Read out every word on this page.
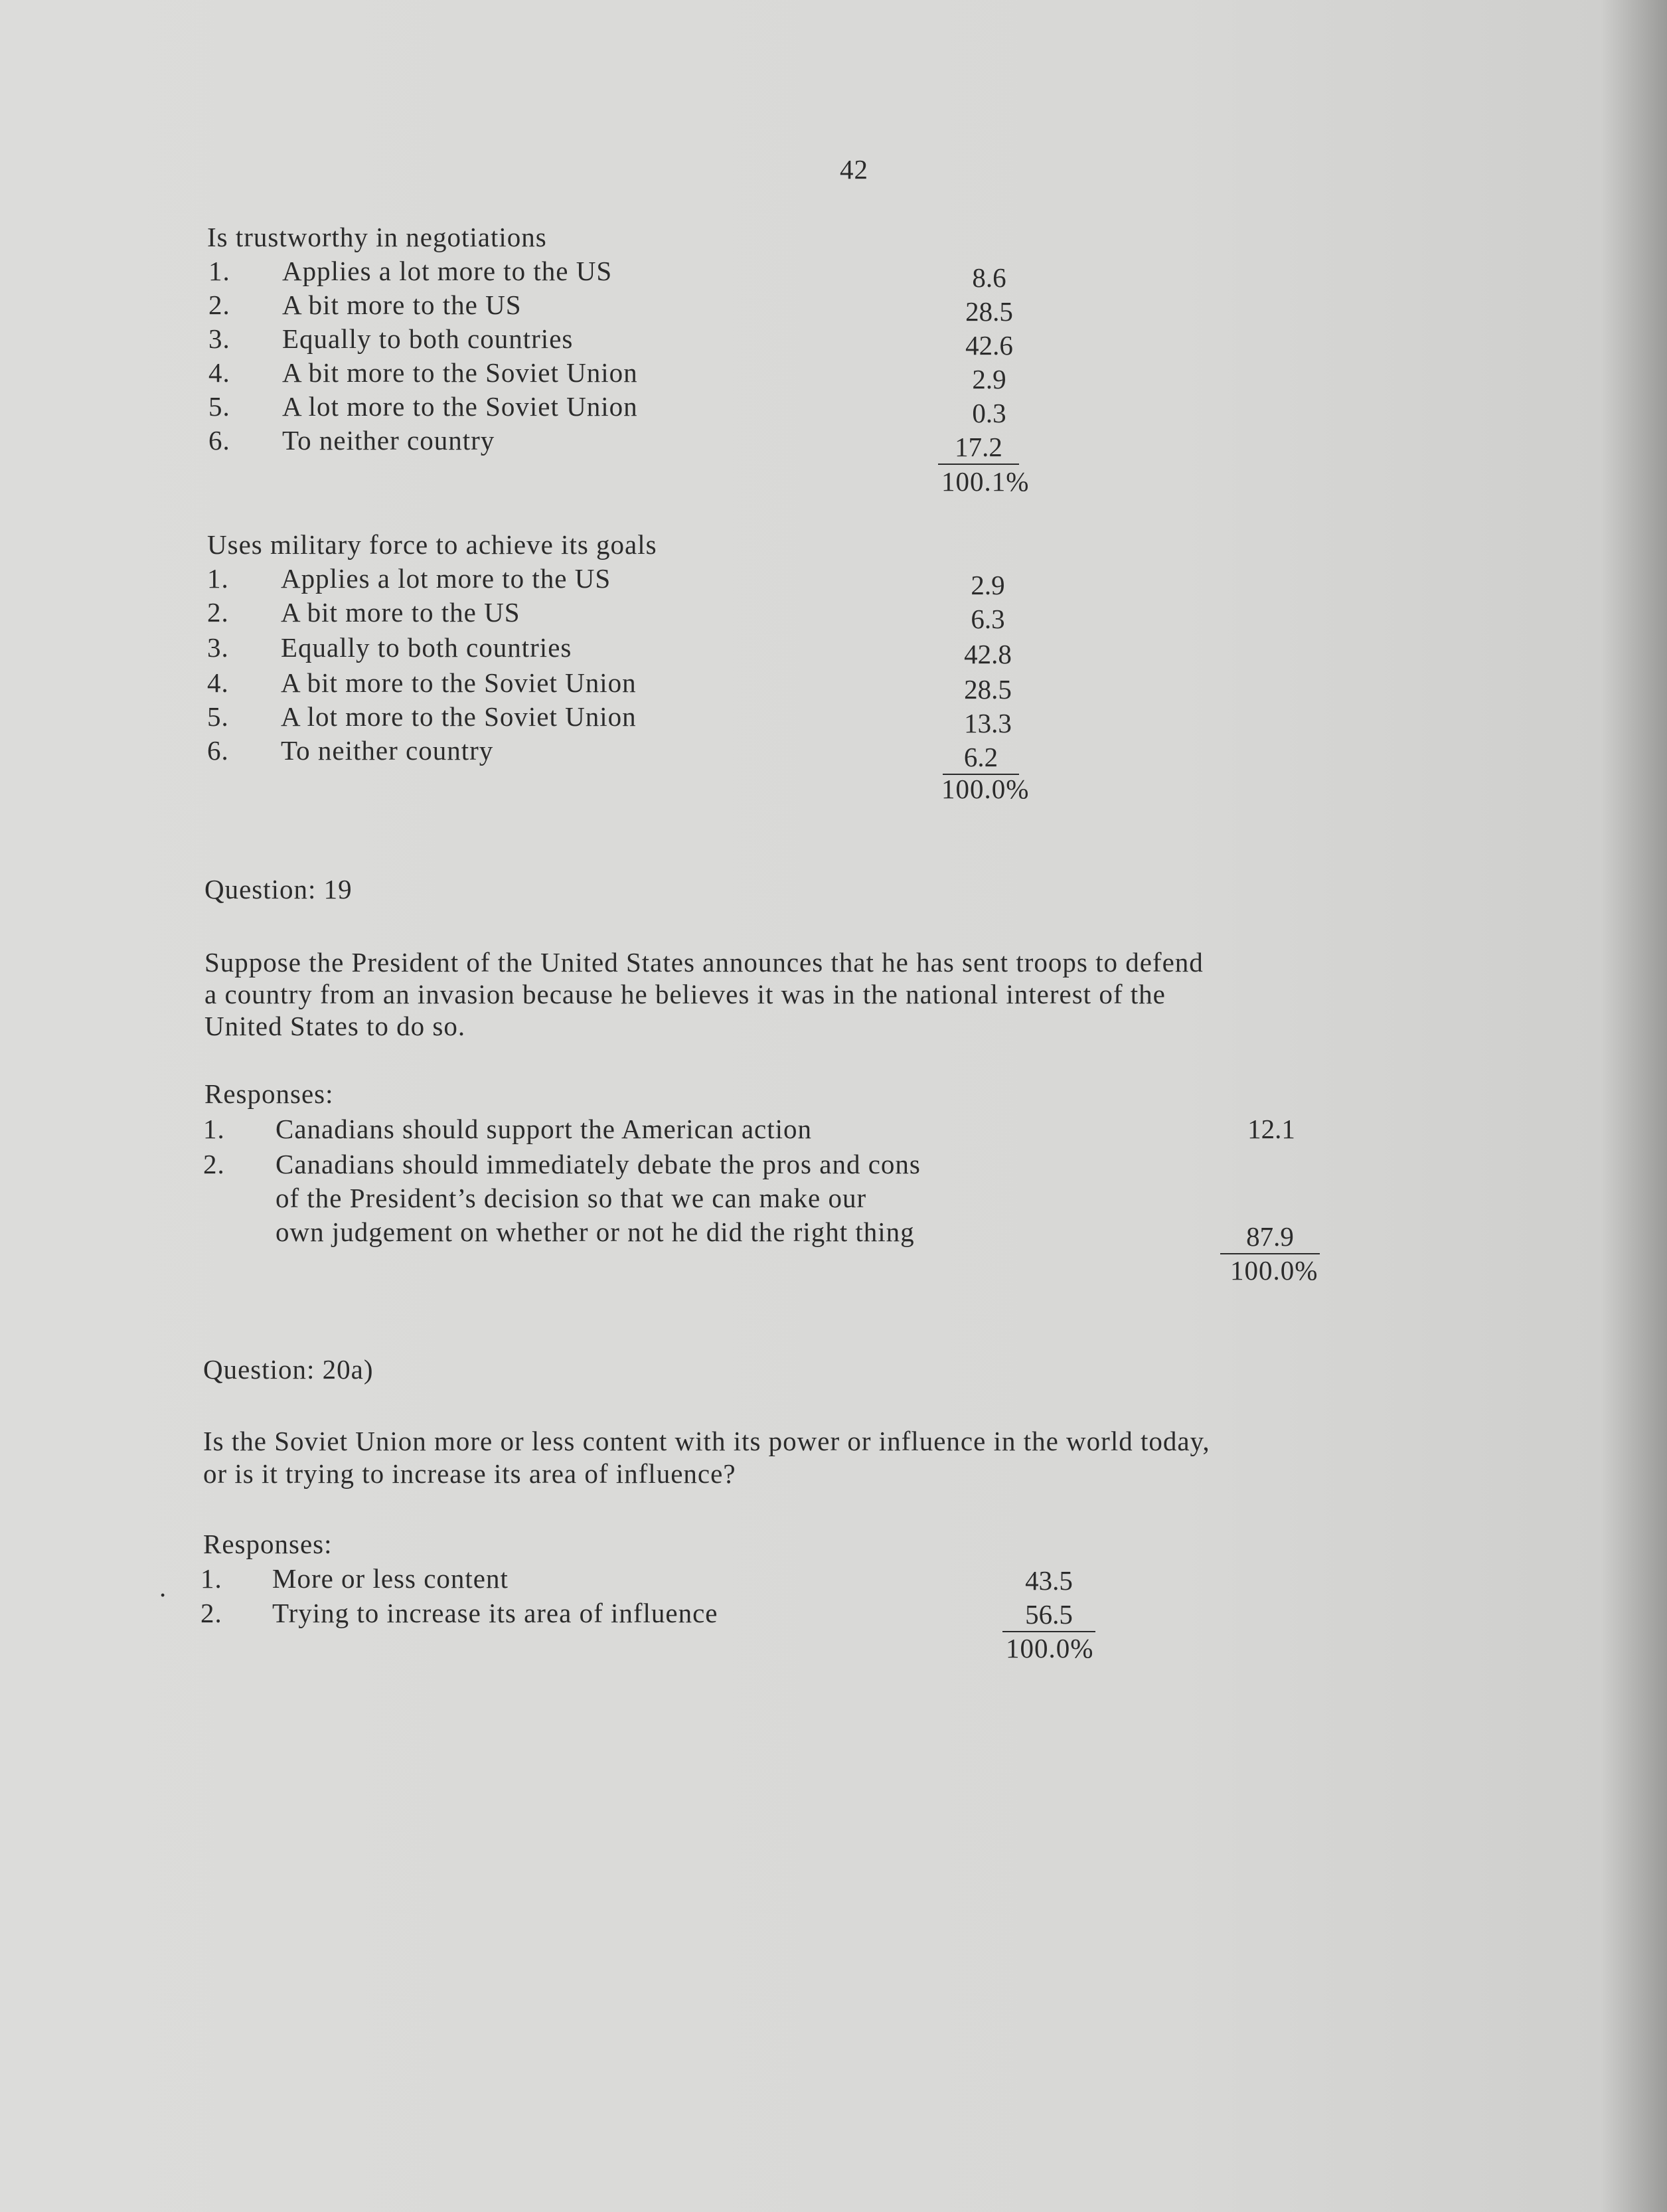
42
Is trustworthy in negotiations
1. Applies a lot more to the US	8.6
2. A bit more to the US	28.5
3. Equally to both countries	42.6
4. A bit more to the Soviet Union	2.9
5. A lot more to the Soviet Union	0.3
6. To neither country	17.2
100.1%
Uses military force to achieve its goals
1. Applies a lot more to the US	2.9
2. A bit more to the US	6.3
3. Equally to both countries	42.8
4. A bit more to the Soviet Union	28.5
5. A lot more to the Soviet Union	13.3
6. To neither country	6.2
100.0%
Question: 19
Suppose the President of the United States announces that he has sent troops to defend
a country from an invasion because he believes it was in the national interest of the
United States to do so.
Responses:
1. Canadians should support the American action	12.1
2. Canadians should immediately debate the pros and cons
of the President’s decision so that we can make our
own judgement on whether or not he did the right thing	87.9
100.0%
Question: 20a)
Is the Soviet Union more or less content with its power or influence in the world today,
or is it trying to increase its area of influence?
Responses:
. 1. More or less content	43.5
2. Trying to increase its area of influence	56.5
100.0%
